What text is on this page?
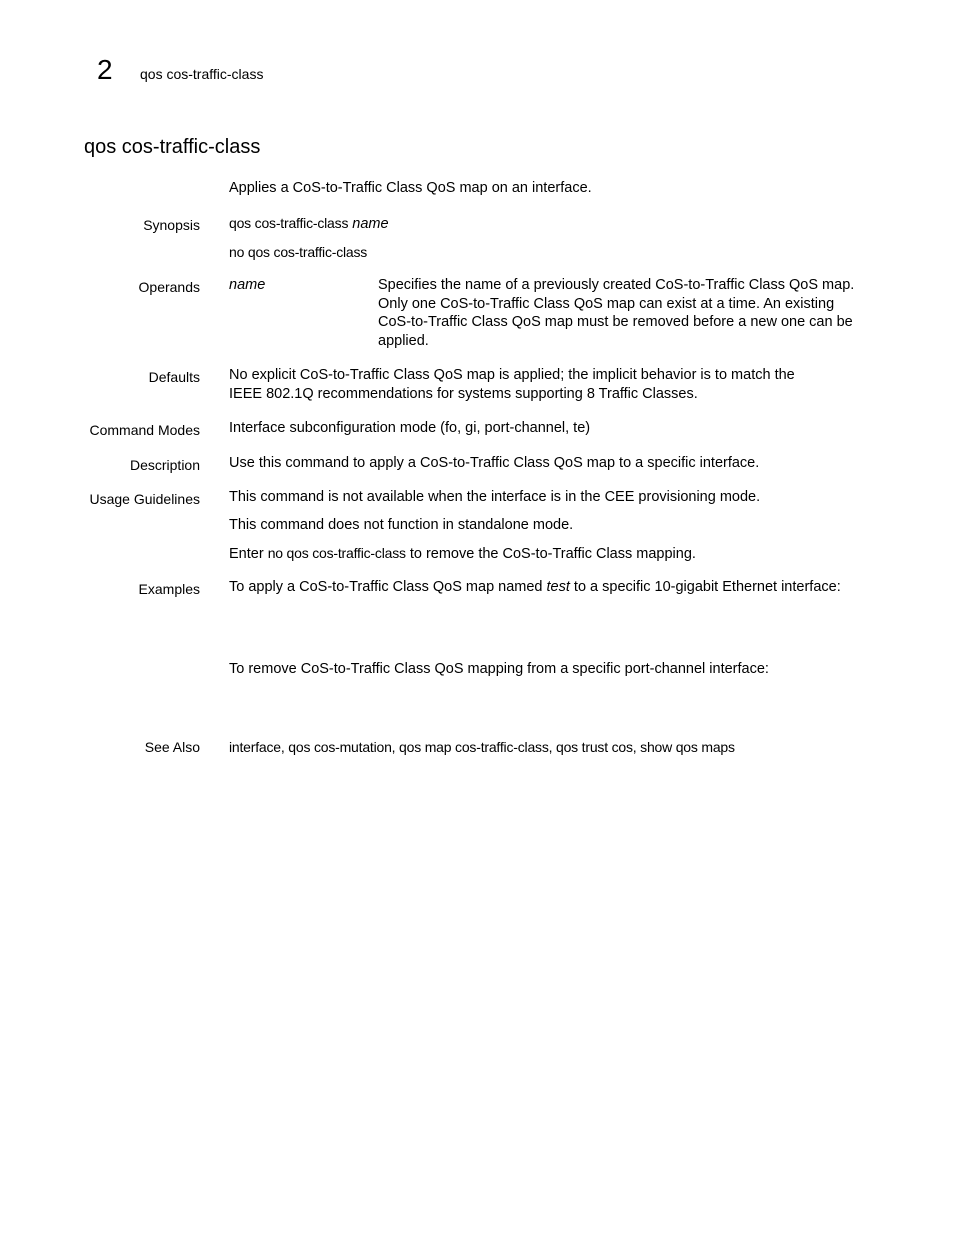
2 qos cos-traffic-class
qos cos-traffic-class
Applies a CoS-to-Traffic Class QoS map on an interface.
Synopsis qos cos-traffic-class name
no qos cos-traffic-class
Operands name	Specifies the name of a previously created CoS-to-Traffic Class QoS map. Only one CoS-to-Traffic Class QoS map can exist at a time. An existing CoS-to-Traffic Class QoS map must be removed before a new one can be applied.
Defaults No explicit CoS-to-Traffic Class QoS map is applied; the implicit behavior is to match the IEEE 802.1Q recommendations for systems supporting 8 Traffic Classes.
Command Modes Interface subconfiguration mode (fo, gi, port-channel, te)
Description Use this command to apply a CoS-to-Traffic Class QoS map to a specific interface.
Usage Guidelines This command is not available when the interface is in the CEE provisioning mode.
This command does not function in standalone mode.
Enter no qos cos-traffic-class to remove the CoS-to-Traffic Class mapping.
Examples To apply a CoS-to-Traffic Class QoS map named test to a specific 10-gigabit Ethernet interface:
To remove CoS-to-Traffic Class QoS mapping from a specific port-channel interface:
See Also interface, qos cos-mutation, qos map cos-traffic-class, qos trust cos, show qos maps
